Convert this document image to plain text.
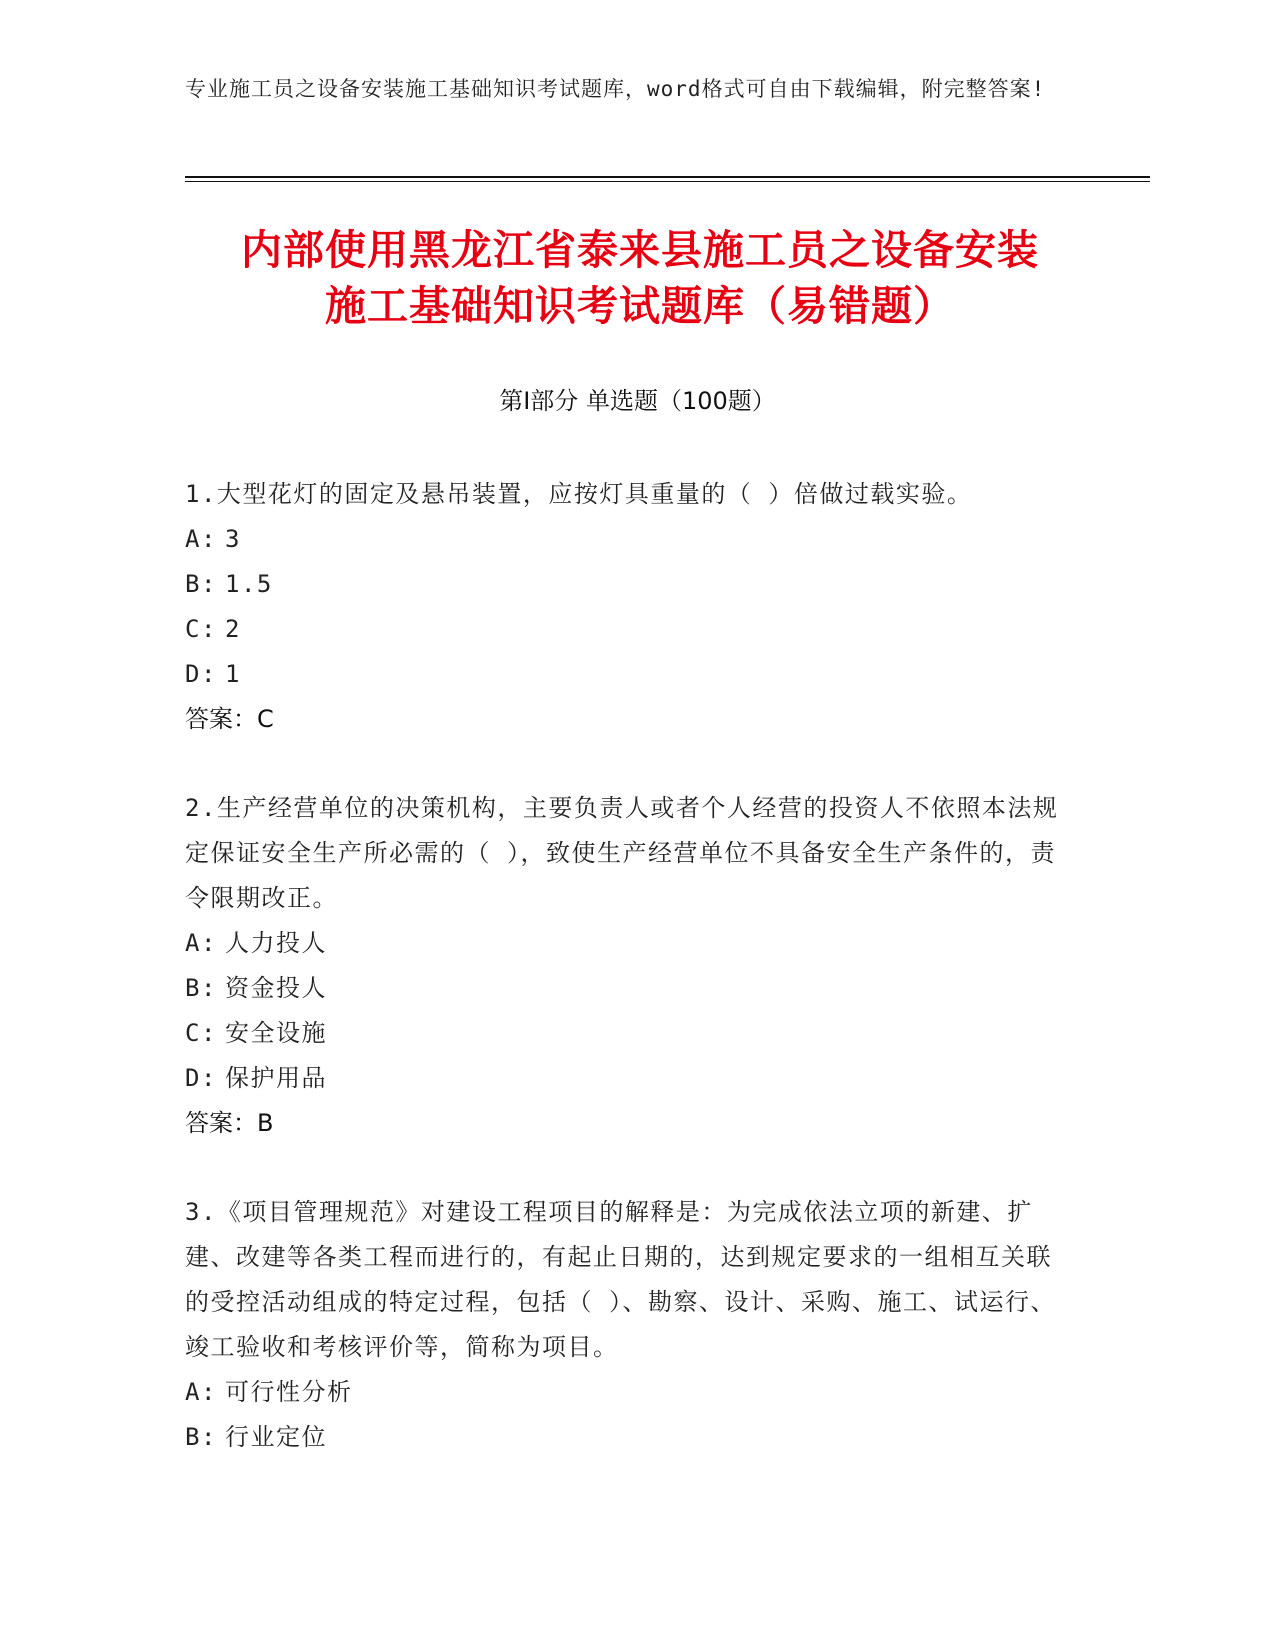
专业施工员之设备安装施工基础知识考试题库，word格式可自由下载编辑，附完整答案!
内部使用黑龙江省泰来县施工员之设备安装
施工基础知识考试题库（易错题）
第Ⅰ部分 单选题（100题）
1.大型花灯的固定及悬吊装置，应按灯具重量的（ ）倍做过载实验。
A: 3
B: 1.5
C: 2
D: 1
答案：C
2.生产经营单位的决策机构，主要负责人或者个人经营的投资人不依照本法规定保证安全生产所必需的（ ），致使生产经营单位不具备安全生产条件的，责令限期改正。
A: 人力投人
B: 资金投人
C: 安全设施
D: 保护用品
答案：B
3.《项目管理规范》对建设工程项目的解释是：为完成依法立项的新建、扩建、改建等各类工程而进行的，有起止日期的，达到规定要求的一组相互关联的受控活动组成的特定过程，包括（ ）、勘察、设计、采购、施工、试运行、竣工验收和考核评价等，简称为项目。
A: 可行性分析
B: 行业定位
